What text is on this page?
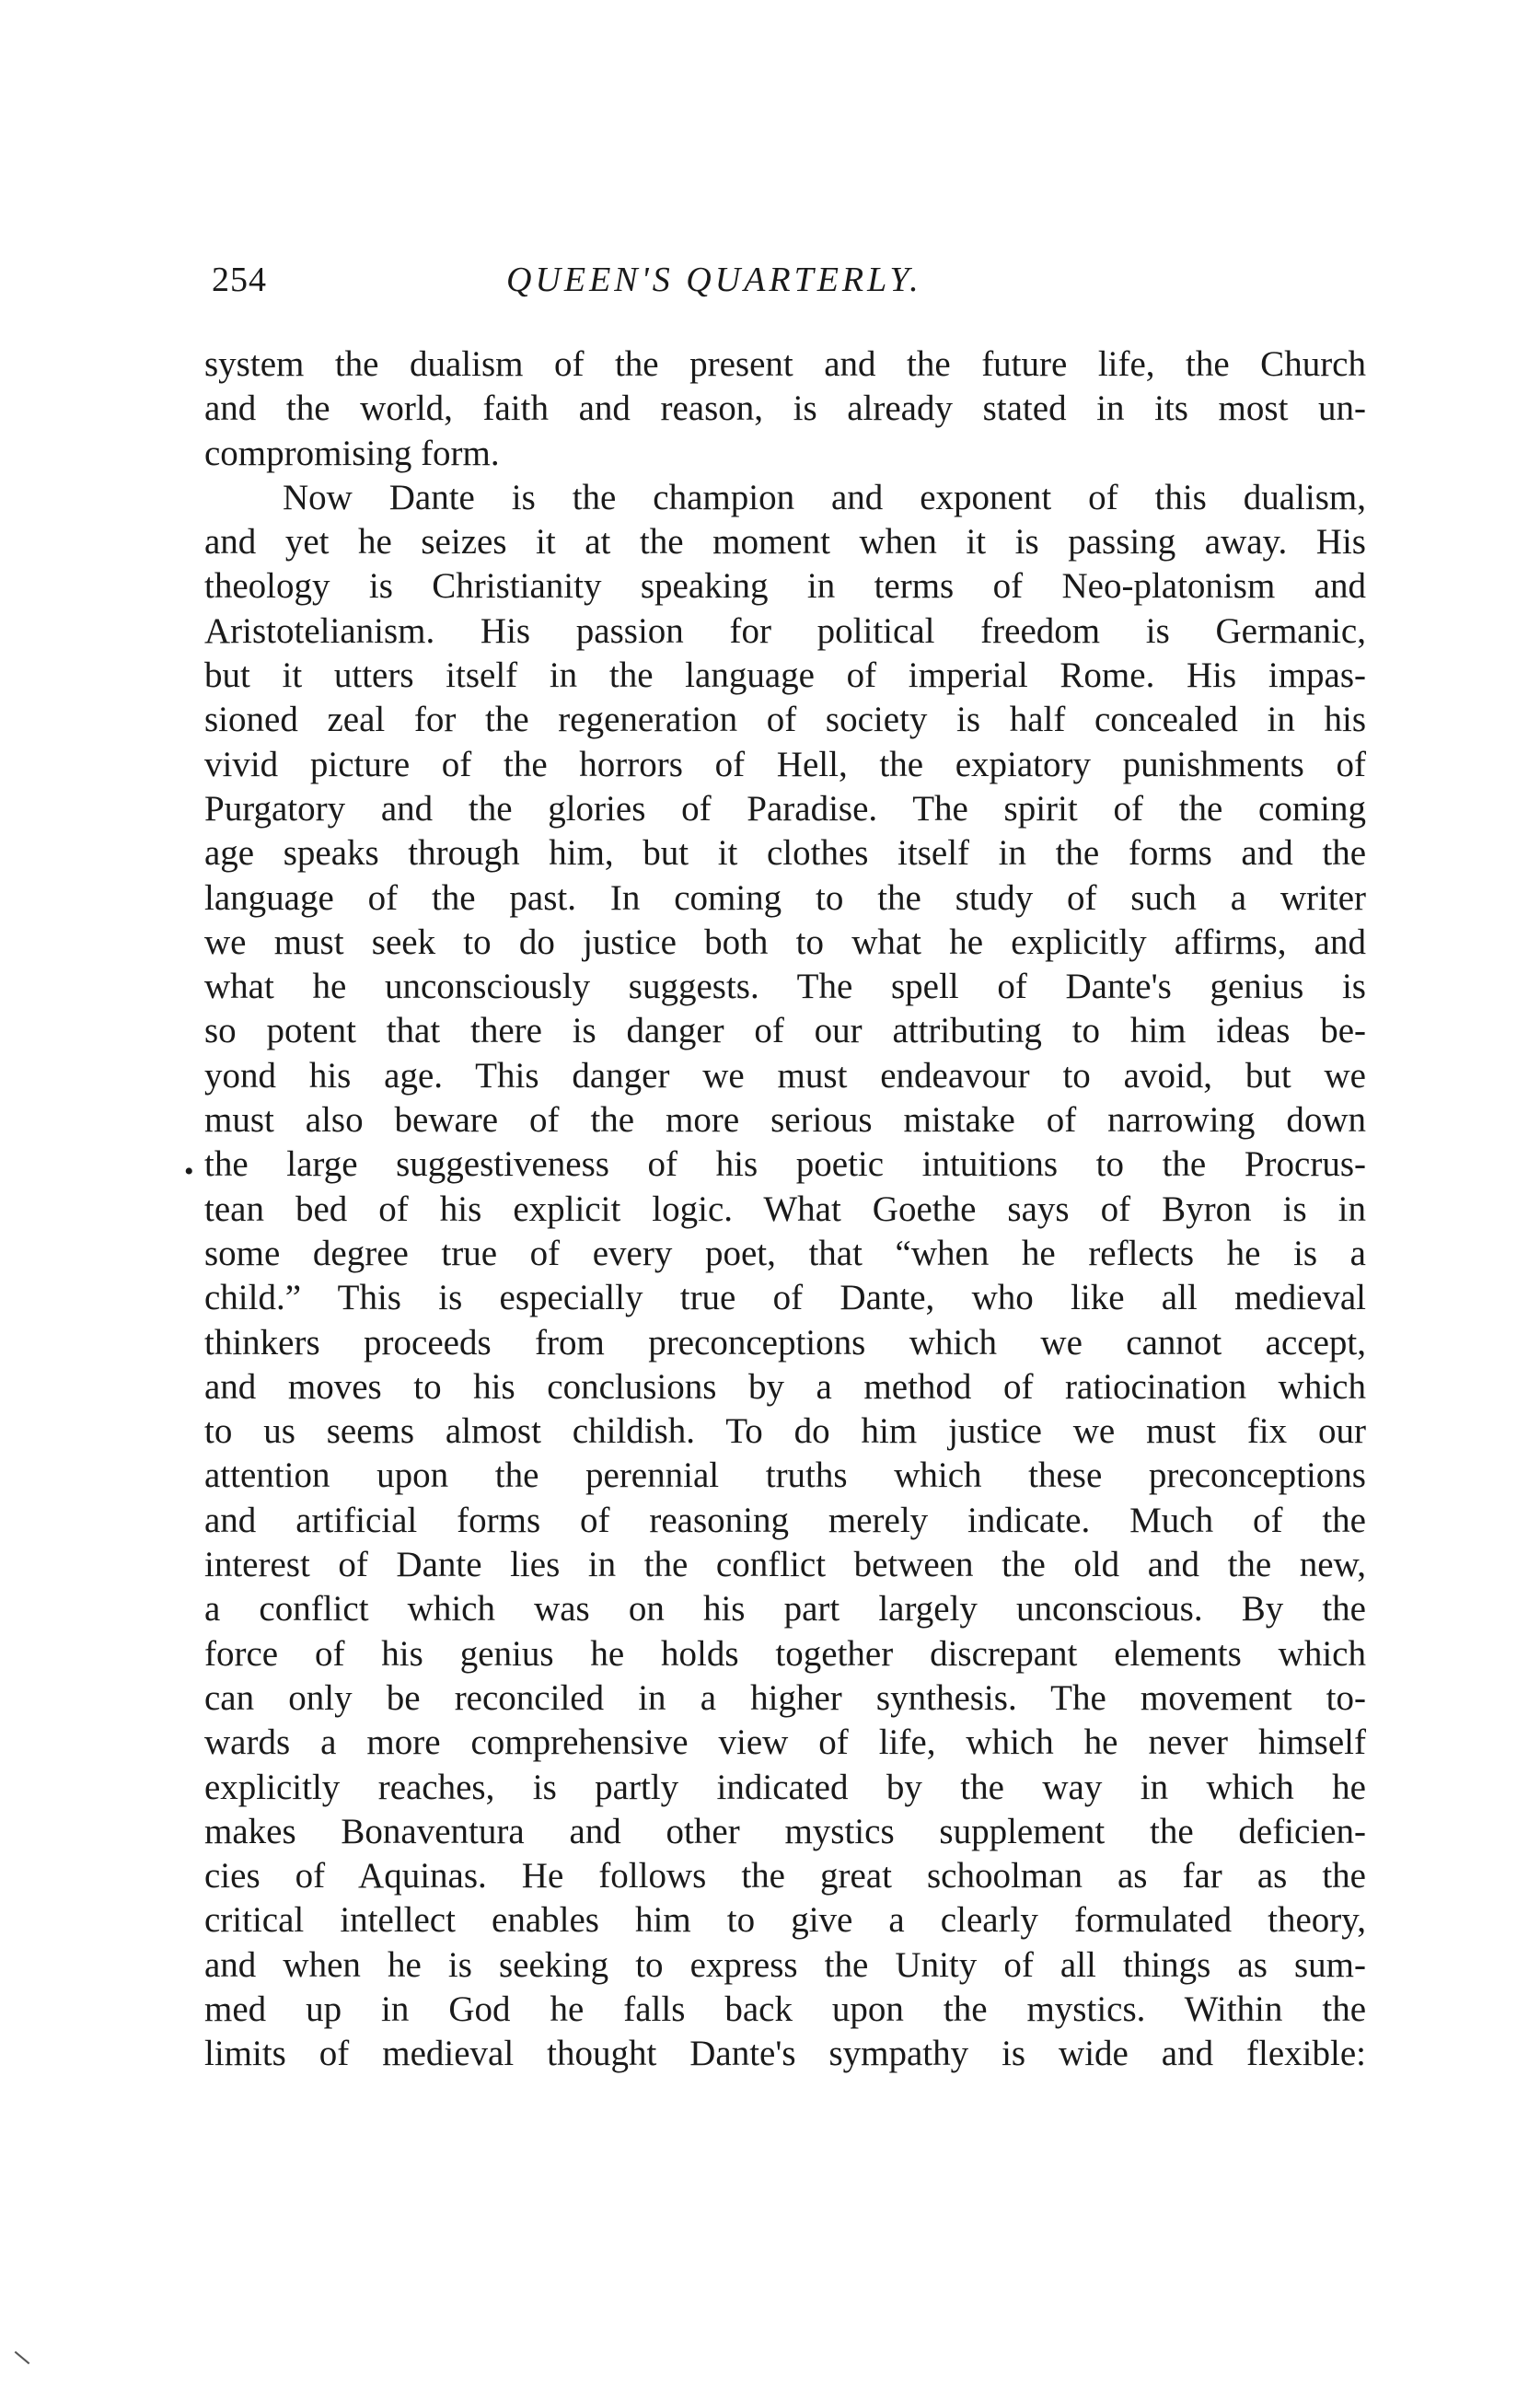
254	QUEEN'S QUARTERLY.
•
system the dualism of the present and the future life, the Church
and the world, faith and reason, is already stated in its most un-
compromising form.
Now Dante is the champion and exponent of this dualism,
and yet he seizes it at the moment when it is passing away. His
theology is Christianity speaking in terms of Neo-platonism and
Aristotelianism. His passion for political freedom is Germanic,
but it utters itself in the language of imperial Rome. His impas-
sioned zeal for the regeneration of society is half concealed in his
vivid picture of the horrors of Hell, the expiatory punishments of
Purgatory and the glories of Paradise. The spirit of the coming
age speaks through him, but it clothes itself in the forms and the
language of the past. In coming to the study of such a writer
we must seek to do justice both to what he explicitly affirms, and
what he unconsciously suggests. The spell of Dante's genius is
so potent that there is danger of our attributing to him ideas be-
yond his age. This danger we must endeavour to avoid, but we
must also beware of the more serious mistake of narrowing down
the large suggestiveness of his poetic intuitions to the Procrus-
tean bed of his explicit logic. What Goethe says of Byron is in
some degree true of every poet, that “when he reflects he is a
child.” This is especially true of Dante, who like all medieval
thinkers proceeds from preconceptions which we cannot accept,
and moves to his conclusions by a method of ratiocination which
to us seems almost childish. To do him justice we must fix our
attention upon the perennial truths which these preconceptions
and artificial forms of reasoning merely indicate. Much of the
interest of Dante lies in the conflict between the old and the new,
a conflict which was on his part largely unconscious. By the
force of his genius he holds together discrepant elements which
can only be reconciled in a higher synthesis. The movement to-
wards a more comprehensive view of life, which he never himself
explicitly reaches, is partly indicated by the way in which he
makes Bonaventura and other mystics supplement the deficien-
cies of Aquinas. He follows the great schoolman as far as the
critical intellect enables him to give a clearly formulated theory,
and when he is seeking to express the Unity of all things as sum-
med up in God he falls back upon the mystics. Within the
limits of medieval thought Dante's sympathy is wide and flexible:
